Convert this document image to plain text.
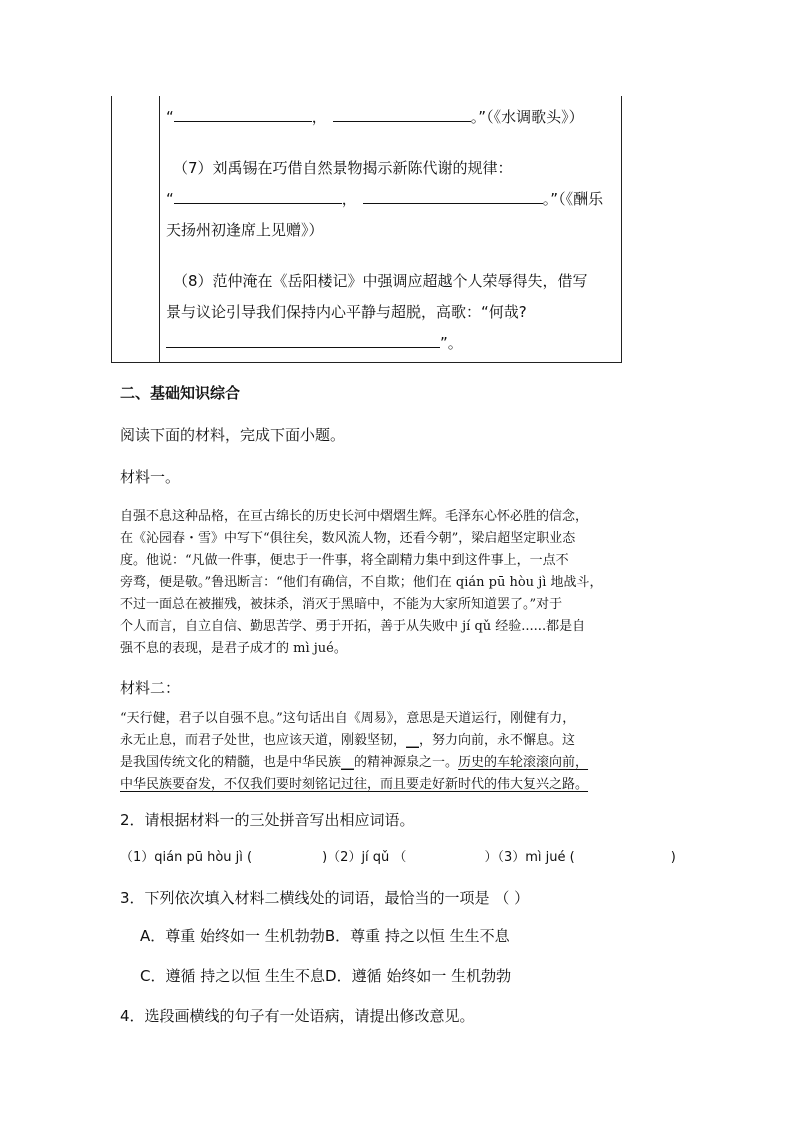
“	，	。”（《水调歌头》）
（7）刘禹锡在巧借自然景物揭示新陈代谢的规律：
“	，	。”（《酬乐
天扬州初逢席上见赠》）
（8）范仲淹在《岳阳楼记》中强调应超越个人荣辱得失，借写
景与议论引导我们保持内心平静与超脱，高歌：“何哉?
”。
二、基础知识综合
阅读下面的材料，完成下面小题。
材料一。
自强不息这种品格，在亘古绵长的历史长河中熠熠生辉。毛泽东心怀必胜的信念，
在《沁园春・雪》中写下“俱往矣，数风流人物，还看今朝”，梁启超坚定职业态
度。他说：“凡做一件事，便忠于一件事，将全副精力集中到这件事上，一点不
旁骛，便是敬。”鲁迅断言：“他们有确信，不自欺；他们在 qián pū hòu jì 地战斗，
不过一面总在被摧残，被抹杀，消灭于黑暗中，不能为大家所知道罢了。”对于
个人而言，自立自信、勤思苦学、勇于开拓，善于从失败中 jí qǔ 经验......都是自
强不息的表现，是君子成才的 mì jué。
材料二：
“天行健，君子以自强不息。”这句话出自《周易》，意思是天道运行，刚健有力，
永无止息，而君子处世，也应该天道，刚毅坚韧，__，努力向前，永不懈息。这
是我国传统文化的精髓，也是中华民族__的精神源泉之一。历史的车轮滚滚向前，
中华民族要奋发，不仅我们要时刻铭记过往，而且要走好新时代的伟大复兴之路。
2．请根据材料一的三处拼音写出相应词语。
（1）qián pū hòu jì (	)（2）jí qǔ （	）（3）mì jué (	)
3．下列依次填入材料二横线处的词语，最恰当的一项是 （ ）
A．尊重 始终如一 生机勃勃B．尊重 持之以恒 生生不息
C．遵循 持之以恒 生生不息D．遵循 始终如一 生机勃勃
4．选段画横线的句子有一处语病，请提出修改意见。
